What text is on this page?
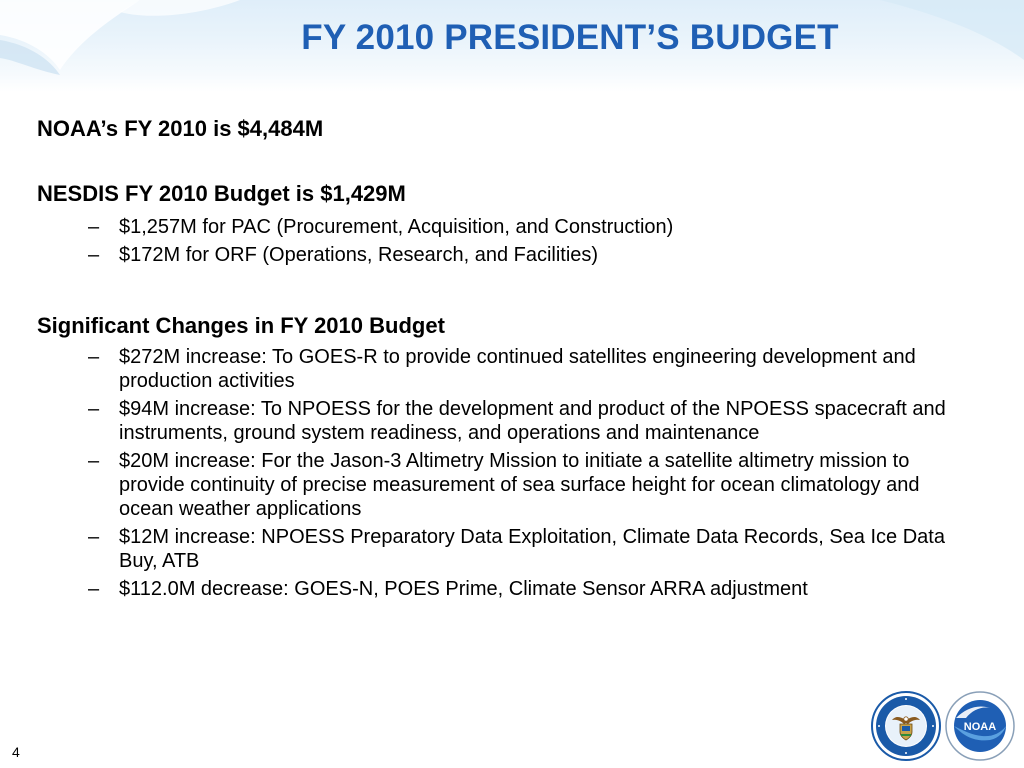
FY 2010 PRESIDENT’S BUDGET

NOAA’s FY 2010 is $4,484M

NESDIS FY 2010 Budget is $1,429M

– $1,257M for PAC (Procurement, Acquisition, and Construction)
– $172M for ORF (Operations, Research, and Facilities)

Significant Changes in FY 2010 Budget

– $272M increase: To GOES-R to provide continued satellites engineering development and production activities
– $94M increase: To NPOESS for the development and product of the NPOESS spacecraft and instruments, ground system readiness, and operations and maintenance
– $20M increase: For the Jason-3 Altimetry Mission to initiate a satellite altimetry mission to provide continuity of precise measurement of sea surface height for ocean climatology and ocean weather applications
– $12M increase: NPOESS Preparatory Data Exploitation, Climate Data Records, Sea Ice Data Buy, ATB
– $112.0M decrease: GOES-N, POES Prime, Climate Sensor ARRA adjustment
4
NOAA
